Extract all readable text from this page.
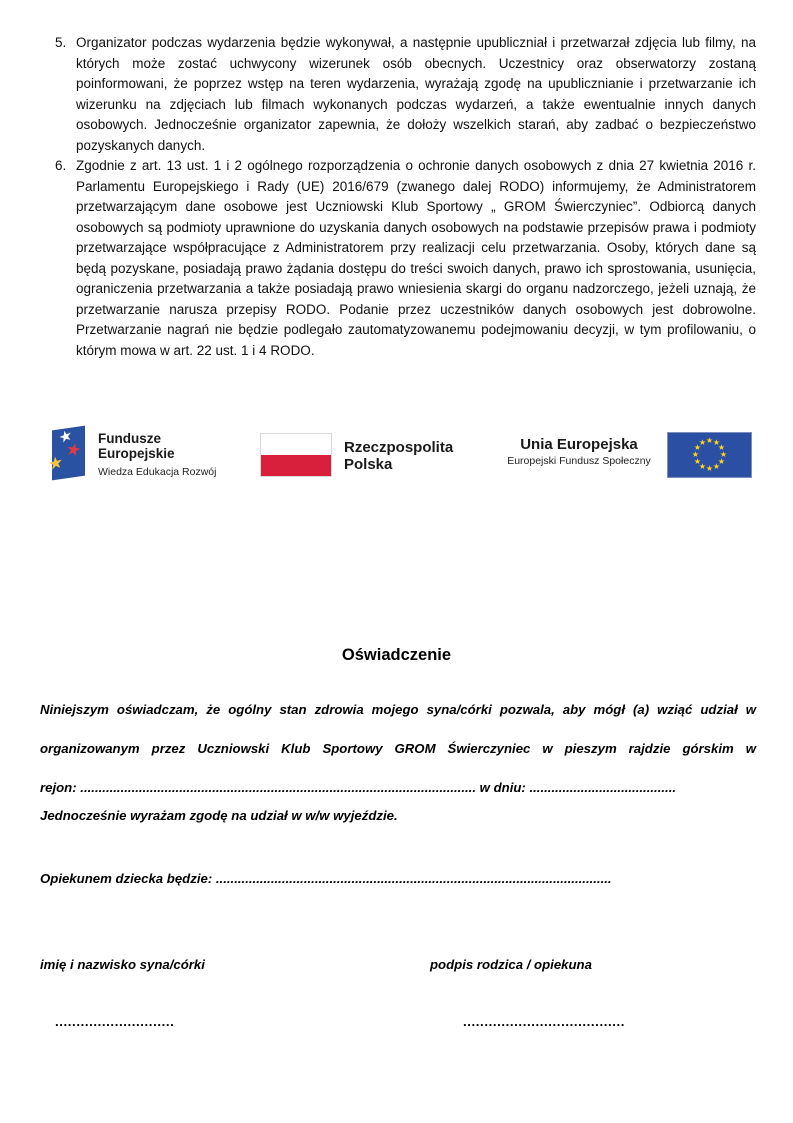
5. Organizator podczas wydarzenia będzie wykonywał, a następnie upubliczniał i przetwarzał zdjęcia lub filmy, na których może zostać uchwycony wizerunek osób obecnych. Uczestnicy oraz obserwatorzy zostaną poinformowani, że poprzez wstęp na teren wydarzenia, wyrażają zgodę na upublicznianie i przetwarzanie ich wizerunku na zdjęciach lub filmach wykonanych podczas wydarzeń, a także ewentualnie innych danych osobowych. Jednocześnie organizator zapewnia, że dołoży wszelkich starań, aby zadbać o bezpieczeństwo pozyskanych danych.
6. Zgodnie z art. 13 ust. 1 i 2 ogólnego rozporządzenia o ochronie danych osobowych z dnia 27 kwietnia 2016 r. Parlamentu Europejskiego i Rady (UE) 2016/679 (zwanego dalej RODO) informujemy, że Administratorem przetwarzającym dane osobowe jest Uczniowski Klub Sportowy „ GROM Świerczyniec”. Odbiorcą danych osobowych są podmioty uprawnione do uzyskania danych osobowych na podstawie przepisów prawa i podmioty przetwarzające współpracujące z Administratorem przy realizacji celu przetwarzania. Osoby, których dane są będą pozyskane, posiadają prawo żądania dostępu do treści swoich danych, prawo ich sprostowania, usunięcia, ograniczenia przetwarzania a także posiadają prawo wniesienia skargi do organu nadzorczego, jeżeli uznają, że przetwarzanie narusza przepisy RODO. Podanie przez uczestników danych osobowych jest dobrowolne. Przetwarzanie nagrań nie będzie podlegało zautomatyzowanemu podejmowaniu decyzji, w tym profilowaniu, o którym mowa w art. 22 ust. 1 i 4 RODO.
★
★
★
Fundusze
Europejskie
Wiedza Edukacja Rozwój
Rzeczpospolita
Polska
Unia Europejska
Europejski Fundusz Społeczny
★ ★
★
★
★
★
★
★
★
★
★
★
Oświadczenie
Niniejszym oświadczam, że ogólny stan zdrowia mojego syna/córki pozwala, aby mógł (a) wziąć udział w
organizowanym przez Uczniowski Klub Sportowy GROM Świerczyniec w pieszym rajdzie górskim w
rejon: ............................................................................................................ w dniu: ........................................
Jednocześnie wyrażam zgodę na udział w w/w wyjeździe.
Opiekunem dziecka będzie: ............................................................................................................
imię i nazwisko syna/córki	podpis rodzica / opiekuna
............................	......................................
